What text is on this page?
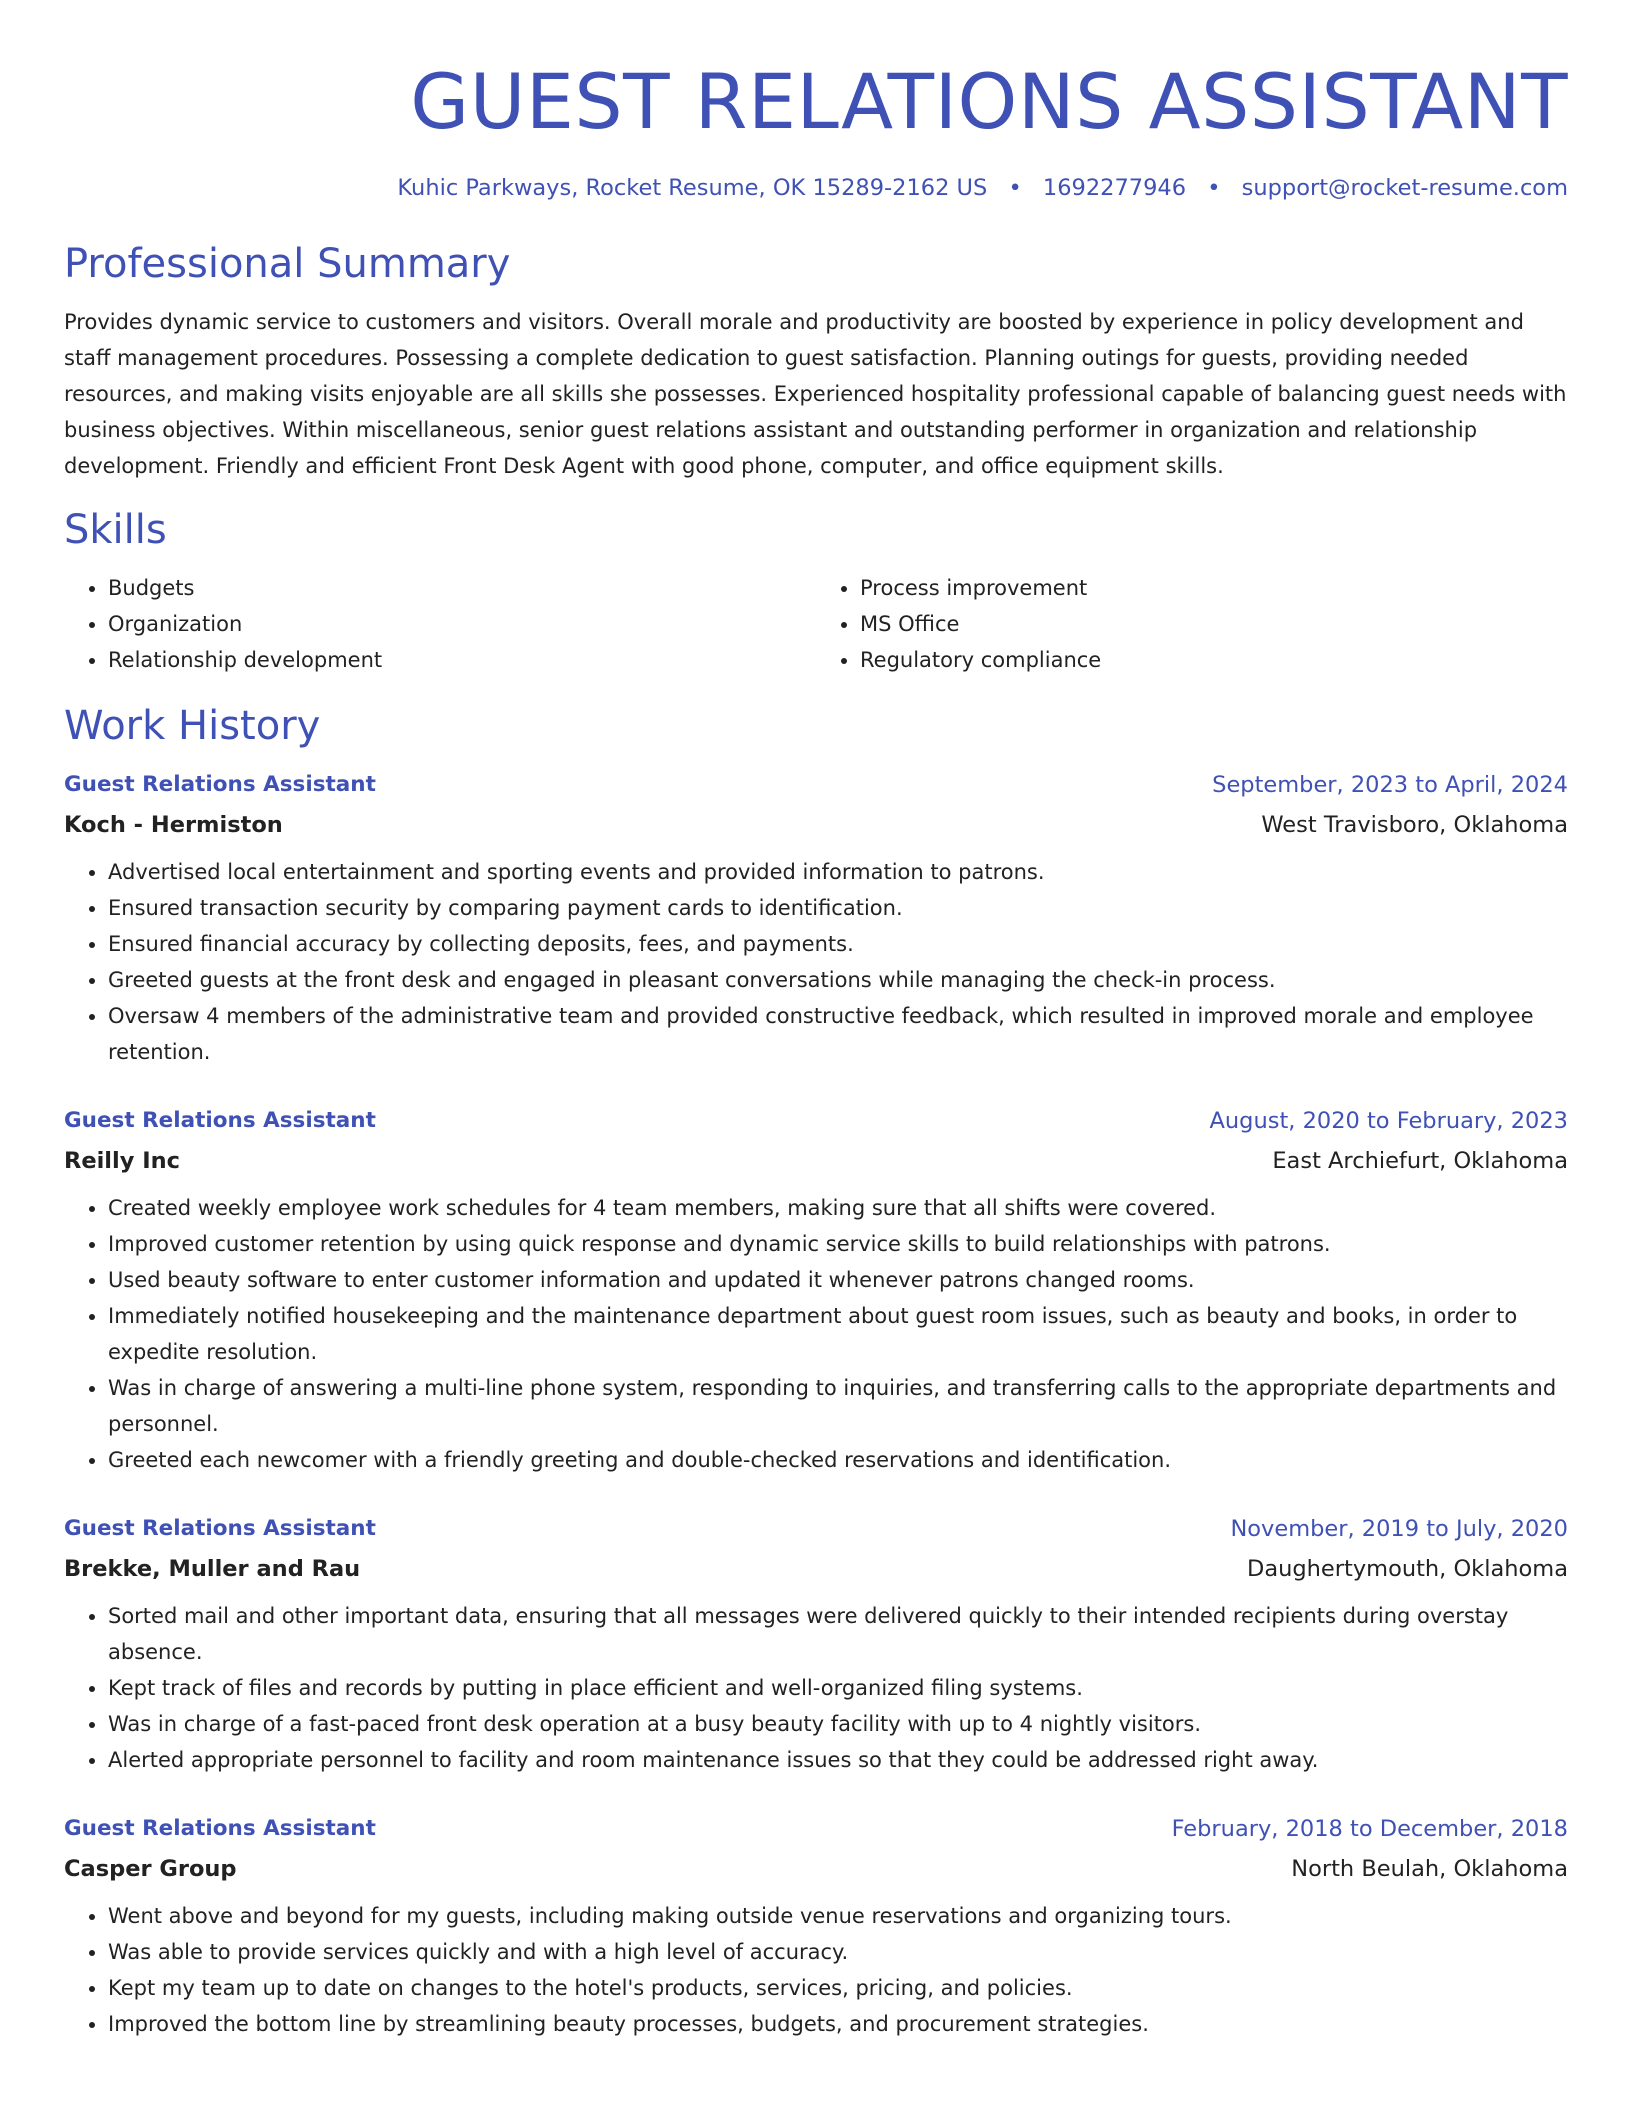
GUEST RELATIONS ASSISTANT
Kuhic Parkways, Rocket Resume, OK 15289-2162 US • 1692277946 • support@rocket-resume.com
Professional Summary
Provides dynamic service to customers and visitors. Overall morale and productivity are boosted by experience in policy development and staff management procedures. Possessing a complete dedication to guest satisfaction. Planning outings for guests, providing needed resources, and making visits enjoyable are all skills she possesses. Experienced hospitality professional capable of balancing guest needs with business objectives. Within miscellaneous, senior guest relations assistant and outstanding performer in organization and relationship development. Friendly and efficient Front Desk Agent with good phone, computer, and office equipment skills.
Skills
• Budgets
• Organization
• Relationship development
• Process improvement
• MS Office
• Regulatory compliance
Work History
Guest Relations Assistant	September, 2023 to April, 2024
Koch - Hermiston	West Travisboro, Oklahoma
• Advertised local entertainment and sporting events and provided information to patrons.
• Ensured transaction security by comparing payment cards to identification.
• Ensured financial accuracy by collecting deposits, fees, and payments.
• Greeted guests at the front desk and engaged in pleasant conversations while managing the check-in process.
• Oversaw 4 members of the administrative team and provided constructive feedback, which resulted in improved morale and employee retention.
Guest Relations Assistant	August, 2020 to February, 2023
Reilly Inc	East Archiefurt, Oklahoma
• Created weekly employee work schedules for 4 team members, making sure that all shifts were covered.
• Improved customer retention by using quick response and dynamic service skills to build relationships with patrons.
• Used beauty software to enter customer information and updated it whenever patrons changed rooms.
• Immediately notified housekeeping and the maintenance department about guest room issues, such as beauty and books, in order to expedite resolution.
• Was in charge of answering a multi-line phone system, responding to inquiries, and transferring calls to the appropriate departments and personnel.
• Greeted each newcomer with a friendly greeting and double-checked reservations and identification.
Guest Relations Assistant	November, 2019 to July, 2020
Brekke, Muller and Rau	Daughertymouth, Oklahoma
• Sorted mail and other important data, ensuring that all messages were delivered quickly to their intended recipients during overstay absence.
• Kept track of files and records by putting in place efficient and well-organized filing systems.
• Was in charge of a fast-paced front desk operation at a busy beauty facility with up to 4 nightly visitors.
• Alerted appropriate personnel to facility and room maintenance issues so that they could be addressed right away.
Guest Relations Assistant	February, 2018 to December, 2018
Casper Group	North Beulah, Oklahoma
• Went above and beyond for my guests, including making outside venue reservations and organizing tours.
• Was able to provide services quickly and with a high level of accuracy.
• Kept my team up to date on changes to the hotel's products, services, pricing, and policies.
• Improved the bottom line by streamlining beauty processes, budgets, and procurement strategies.
